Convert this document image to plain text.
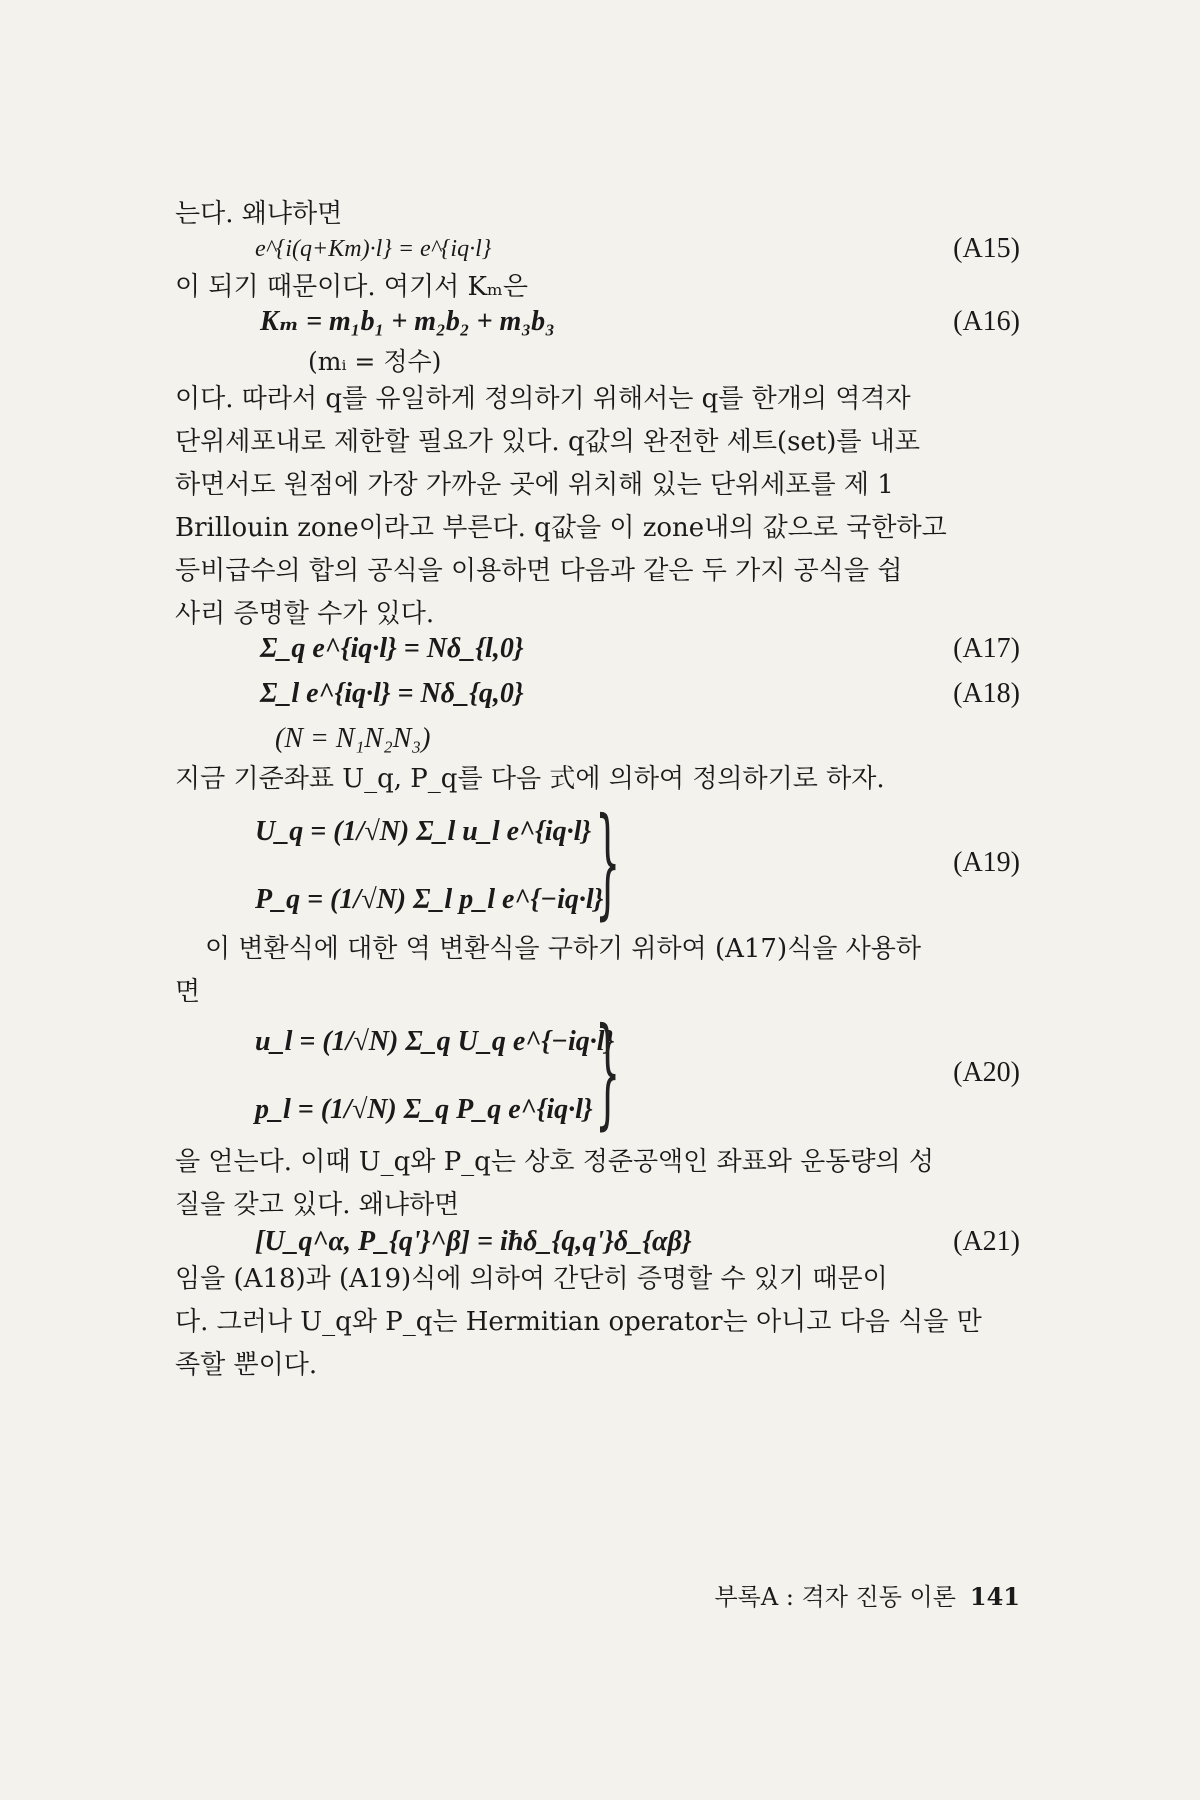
는다. 왜냐하면
e^{i(q+Km)·l} = e^{iq·l}	(A15)
이 되기 때문이다. 여기서 Kₘ은
Kₘ = m₁b₁ + m₂b₂ + m₃b₃	(A16)
(mᵢ = 정수)
이다. 따라서 q를 유일하게 정의하기 위해서는 q를 한개의 역격자
단위세포내로 제한할 필요가 있다. q값의 완전한 세트(set)를 내포
하면서도 원점에 가장 가까운 곳에 위치해 있는 단위세포를 제 1
Brillouin zone이라고 부른다. q값을 이 zone내의 값으로 국한하고
등비급수의 합의 공식을 이용하면 다음과 같은 두 가지 공식을 쉽
사리 증명할 수가 있다.
Σ_q e^{iq·l} = Nδ_{l,0}	(A17)
Σ_l e^{iq·l} = Nδ_{q,0}	(A18)
(N = N₁N₂N₃)
지금 기준좌표 U_q, P_q를 다음 式에 의하여 정의하기로 하자.
U_q = (1/√N) Σ_l u_l e^{iq·l}
P_q = (1/√N) Σ_l p_l e^{−iq·l}
}	(A19)
이 변환식에 대한 역 변환식을 구하기 위하여 (A17)식을 사용하
면
u_l = (1/√N) Σ_q U_q e^{−iq·l}
p_l = (1/√N) Σ_q P_q e^{iq·l} }	(A20)
을 얻는다. 이때 U_q와 P_q는 상호 정준공액인 좌표와 운동량의 성
질을 갖고 있다. 왜냐하면
[U_q^α, P_{q'}^β] = iħδ_{q,q'}δ_{αβ}	(A21)
임을 (A18)과 (A19)식에 의하여 간단히 증명할 수 있기 때문이
다. 그러나 U_q와 P_q는 Hermitian operator는 아니고 다음 식을 만
족할 뿐이다.
부록A : 격자 진동 이론 141
